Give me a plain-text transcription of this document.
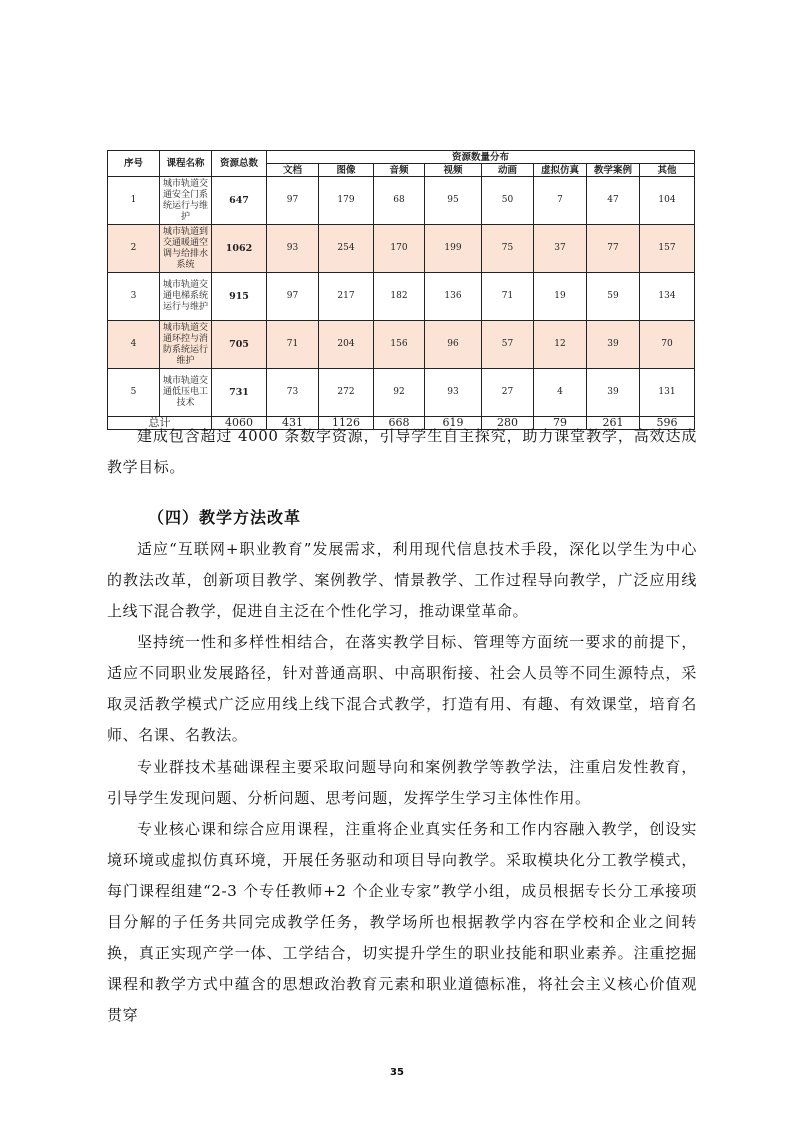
序号	课程名称	资源总数	资源数量分布							
			文档	图像	音频	视频	动画	虚拟仿真	教学案例	其他
1	城市轨道交通安全门系统运行与维护	647	97	179	68	95	50	7	47	104
2	城市轨道到交通暖通空调与给排水系统	1062	93	254	170	199	75	37	77	157
3	城市轨道交通电梯系统运行与维护	915	97	217	182	136	71	19	59	134
4	城市轨道交通环控与消防系统运行维护	705	71	204	156	96	57	12	39	70
5	城市轨道交通低压电工技术	731	73	272	92	93	27	4	39	131
总计		4060	431	1126	668	619	280	79	261	596

建成包含超过 4000 条数字资源，引导学生自主探究，助力课堂教学，高效达成教学目标。

（四）教学方法改革

适应“互联网+职业教育”发展需求，利用现代信息技术手段，深化以学生为中心的教法改革，创新项目教学、案例教学、情景教学、工作过程导向教学，广泛应用线上线下混合教学，促进自主泛在个性化学习，推动课堂革命。

坚持统一性和多样性相结合，在落实教学目标、管理等方面统一要求的前提下，适应不同职业发展路径，针对普通高职、中高职衔接、社会人员等不同生源特点，采取灵活教学模式广泛应用线上线下混合式教学，打造有用、有趣、有效课堂，培育名师、名课、名教法。

专业群技术基础课程主要采取问题导向和案例教学等教学法，注重启发性教育，引导学生发现问题、分析问题、思考问题，发挥学生学习主体性作用。

专业核心课和综合应用课程，注重将企业真实任务和工作内容融入教学，创设实境环境或虚拟仿真环境，开展任务驱动和项目导向教学。采取模块化分工教学模式，每门课程组建“2-3 个专任教师+2 个企业专家”教学小组，成员根据专长分工承接项目分解的子任务共同完成教学任务，教学场所也根据教学内容在学校和企业之间转换，真正实现产学一体、工学结合，切实提升学生的职业技能和职业素养。注重挖掘课程和教学方式中蕴含的思想政治教育元素和职业道德标准，将社会主义核心价值观贯穿

35
